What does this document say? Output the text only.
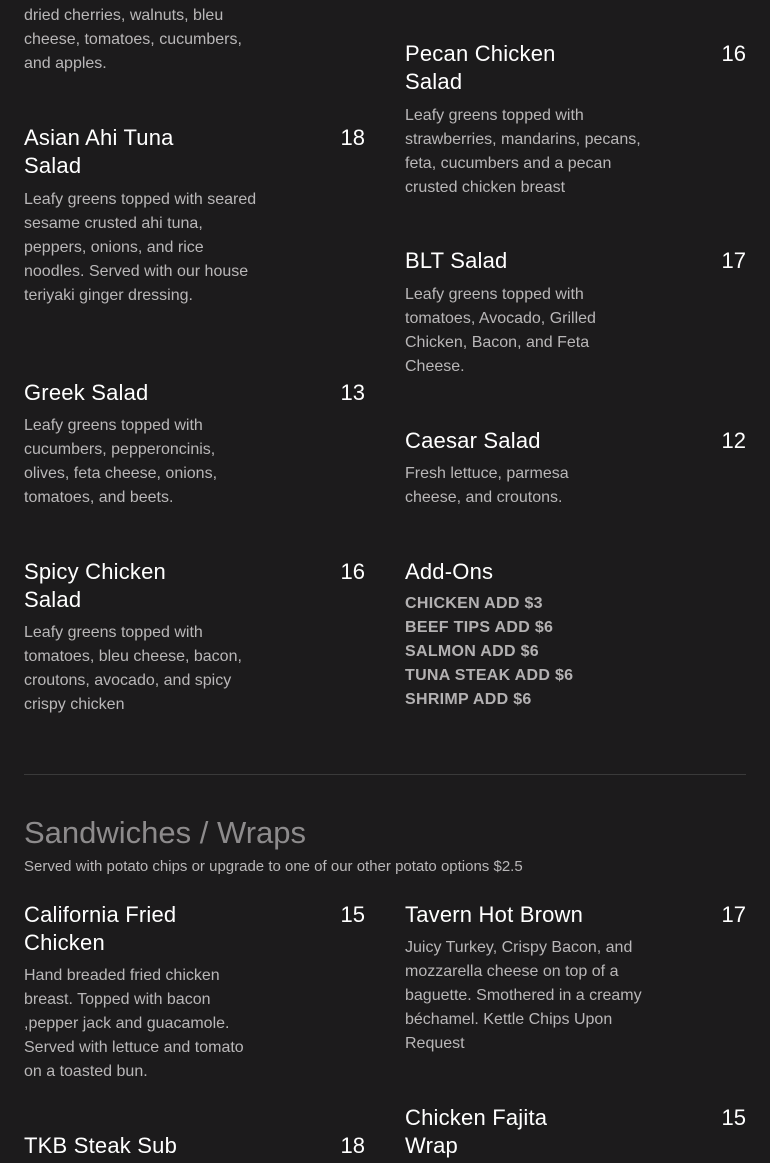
dried cherries, walnuts, bleu cheese, tomatoes, cucumbers, and apples.
Asian Ahi Tuna Salad
18
Leafy greens topped with seared sesame crusted ahi tuna, peppers, onions, and rice noodles. Served with our house teriyaki ginger dressing.
Greek Salad	13
Leafy greens topped with cucumbers, pepperoncinis, olives, feta cheese, onions, tomatoes, and beets.
Spicy Chicken Salad
16
Leafy greens topped with tomatoes, bleu cheese, bacon, croutons, avocado, and spicy crispy chicken
Pecan Chicken Salad
16
Leafy greens topped with strawberries, mandarins, pecans, feta, cucumbers and a pecan crusted chicken breast
BLT Salad	17
Leafy greens topped with tomatoes, Avocado, Grilled Chicken, Bacon, and Feta Cheese.
Caesar Salad	12
Fresh lettuce, parmesa cheese, and croutons.
Add-Ons
CHICKEN ADD $3
BEEF TIPS ADD $6
SALMON ADD $6
TUNA STEAK ADD $6
SHRIMP ADD $6
Sandwiches / Wraps
Served with potato chips or upgrade to one of our other potato options $2.5
California Fried Chicken
15
Hand breaded fried chicken breast. Topped with bacon ,pepper jack and guacamole. Served with lettuce and tomato on a toasted bun.
TKB Steak Sub	18
Tavern Hot Brown	17
Juicy Turkey, Crispy Bacon, and mozzarella cheese on top of a baguette. Smothered in a creamy béchamel. Kettle Chips Upon Request
Chicken Fajita Wrap
15
